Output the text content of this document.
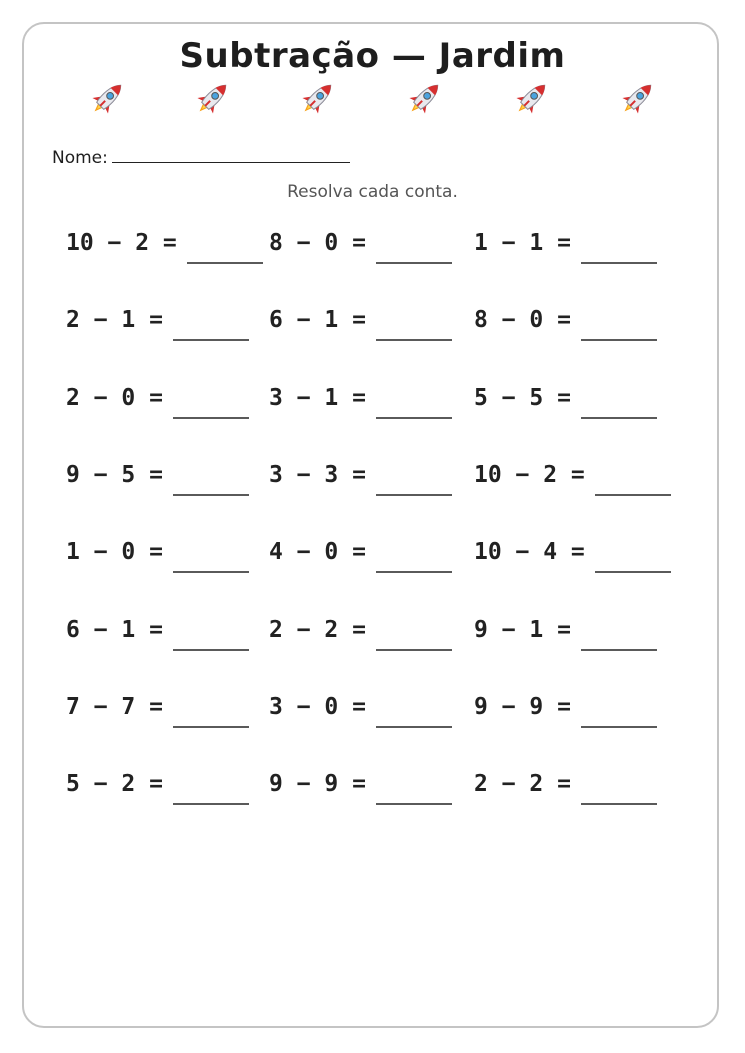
Subtração — Jardim
Nome:
Resolva cada conta.
10 − 2 =	8 − 0 =	1 − 1 =
2 − 1 =	6 − 1 =	8 − 0 =
2 − 0 =	3 − 1 =	5 − 5 =
9 − 5 =	3 − 3 =	10 − 2 =
1 − 0 =	4 − 0 =	10 − 4 =
6 − 1 =	2 − 2 =	9 − 1 =
7 − 7 =	3 − 0 =	9 − 9 =
5 − 2 =	9 − 9 =	2 − 2 =
